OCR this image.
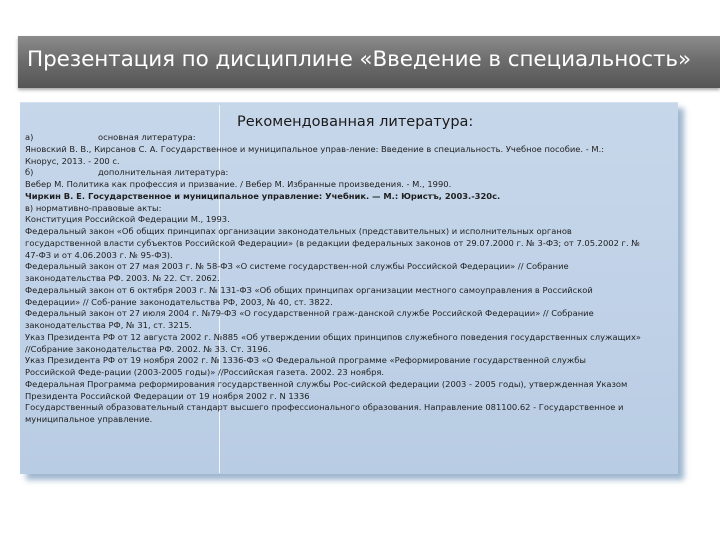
Презентация по дисциплине «Введение в специальность»
Рекомендованная литература:
а)	основная литература:
Яновский В. В., Кирсанов С. А. Государственное и муниципальное управ-ление: Введение в специальность. Учебное пособие. - М.:
Кнорус, 2013. - 200 с.
б)	дополнительная литература:
Вебер М. Политика как профессия и призвание. / Вебер М. Избранные произведения. - М., 1990.
Чиркин В. Е. Государственное и муниципальное управление: Учебник. — М.: Юристъ, 2003.-320с.
в) нормативно-правовые акты:
Конституция Российской Федерации М., 1993.
Федеральный закон «Об общих принципах организации законодательных (представительных) и исполнительных органов
государственной власти субъектов Российской Федерации» (в редакции федеральных законов от 29.07.2000 г. № 3-ФЗ; от 7.05.2002 г. №
47-ФЗ и от 4.06.2003 г. № 95-ФЗ).
Федеральный закон от 27 мая 2003 г. № 58-ФЗ «О системе государствен-ной службы Российской Федерации» // Собрание
законодательства РФ. 2003. № 22. Ст. 2062.
Федеральный закон от 6 октября 2003 г. № 131-ФЗ «Об общих принципах организации местного самоуправления в Российской
Федерации» // Соб-рание законодательства РФ, 2003, № 40, ст. 3822.
Федеральный закон от 27 июля 2004 г. №79-ФЗ «О государственной граж-данской службе Российской Федерации» // Собрание
законодательства РФ, № 31, ст. 3215.
Указ Президента РФ от 12 августа 2002 г. №885 «Об утверждении общих принципов служебного поведения государственных служащих»
//Собрание законодательства РФ. 2002. № 33. Ст. 3196.
Указ Президента РФ от 19 ноября 2002 г. № 1336-ФЗ «О Федеральной программе «Реформирование государственной службы
Российской Феде-рации (2003-2005 годы)» //Российская газета. 2002. 23 ноября.
Федеральная Программа реформирования государственной службы Рос-сийской федерации (2003 - 2005 годы), утвержденная Указом
Президента Российской Федерации от 19 ноября 2002 г. N 1336
Государственный образовательный стандарт высшего профессионального образования. Направление 081100.62 - Государственное и
муниципальное управление.
